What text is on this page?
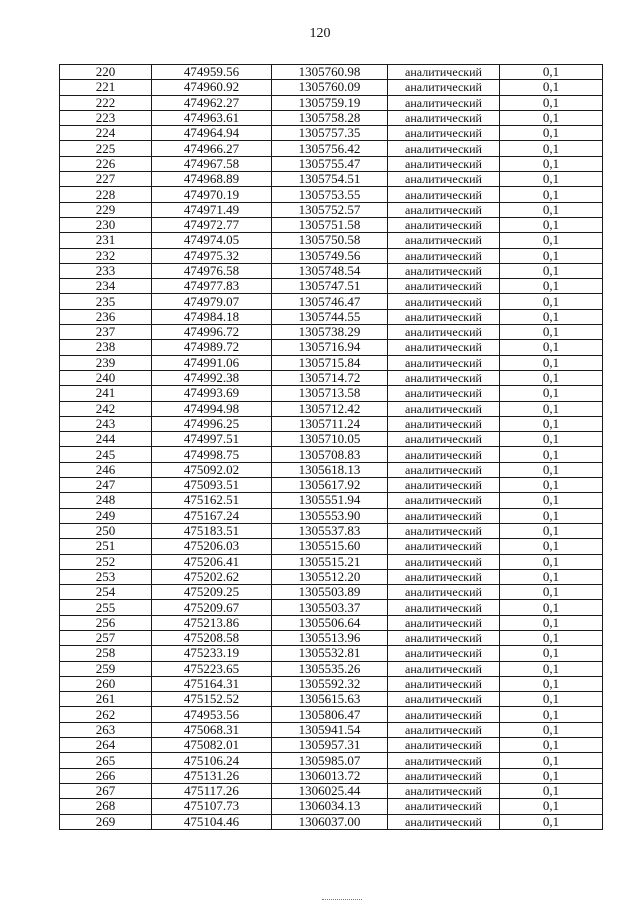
120
220	474959.56	1305760.98	аналитический	0,1
221	474960.92	1305760.09	аналитический	0,1
222	474962.27	1305759.19	аналитический	0,1
223	474963.61	1305758.28	аналитический	0,1
224	474964.94	1305757.35	аналитический	0,1
225	474966.27	1305756.42	аналитический	0,1
226	474967.58	1305755.47	аналитический	0,1
227	474968.89	1305754.51	аналитический	0,1
228	474970.19	1305753.55	аналитический	0,1
229	474971.49	1305752.57	аналитический	0,1
230	474972.77	1305751.58	аналитический	0,1
231	474974.05	1305750.58	аналитический	0,1
232	474975.32	1305749.56	аналитический	0,1
233	474976.58	1305748.54	аналитический	0,1
234	474977.83	1305747.51	аналитический	0,1
235	474979.07	1305746.47	аналитический	0,1
236	474984.18	1305744.55	аналитический	0,1
237	474996.72	1305738.29	аналитический	0,1
238	474989.72	1305716.94	аналитический	0,1
239	474991.06	1305715.84	аналитический	0,1
240	474992.38	1305714.72	аналитический	0,1
241	474993.69	1305713.58	аналитический	0,1
242	474994.98	1305712.42	аналитический	0,1
243	474996.25	1305711.24	аналитический	0,1
244	474997.51	1305710.05	аналитический	0,1
245	474998.75	1305708.83	аналитический	0,1
246	475092.02	1305618.13	аналитический	0,1
247	475093.51	1305617.92	аналитический	0,1
248	475162.51	1305551.94	аналитический	0,1
249	475167.24	1305553.90	аналитический	0,1
250	475183.51	1305537.83	аналитический	0,1
251	475206.03	1305515.60	аналитический	0,1
252	475206.41	1305515.21	аналитический	0,1
253	475202.62	1305512.20	аналитический	0,1
254	475209.25	1305503.89	аналитический	0,1
255	475209.67	1305503.37	аналитический	0,1
256	475213.86	1305506.64	аналитический	0,1
257	475208.58	1305513.96	аналитический	0,1
258	475233.19	1305532.81	аналитический	0,1
259	475223.65	1305535.26	аналитический	0,1
260	475164.31	1305592.32	аналитический	0,1
261	475152.52	1305615.63	аналитический	0,1
262	474953.56	1305806.47	аналитический	0,1
263	475068.31	1305941.54	аналитический	0,1
264	475082.01	1305957.31	аналитический	0,1
265	475106.24	1305985.07	аналитический	0,1
266	475131.26	1306013.72	аналитический	0,1
267	475117.26	1306025.44	аналитический	0,1
268	475107.73	1306034.13	аналитический	0,1
269	475104.46	1306037.00	аналитический	0,1
